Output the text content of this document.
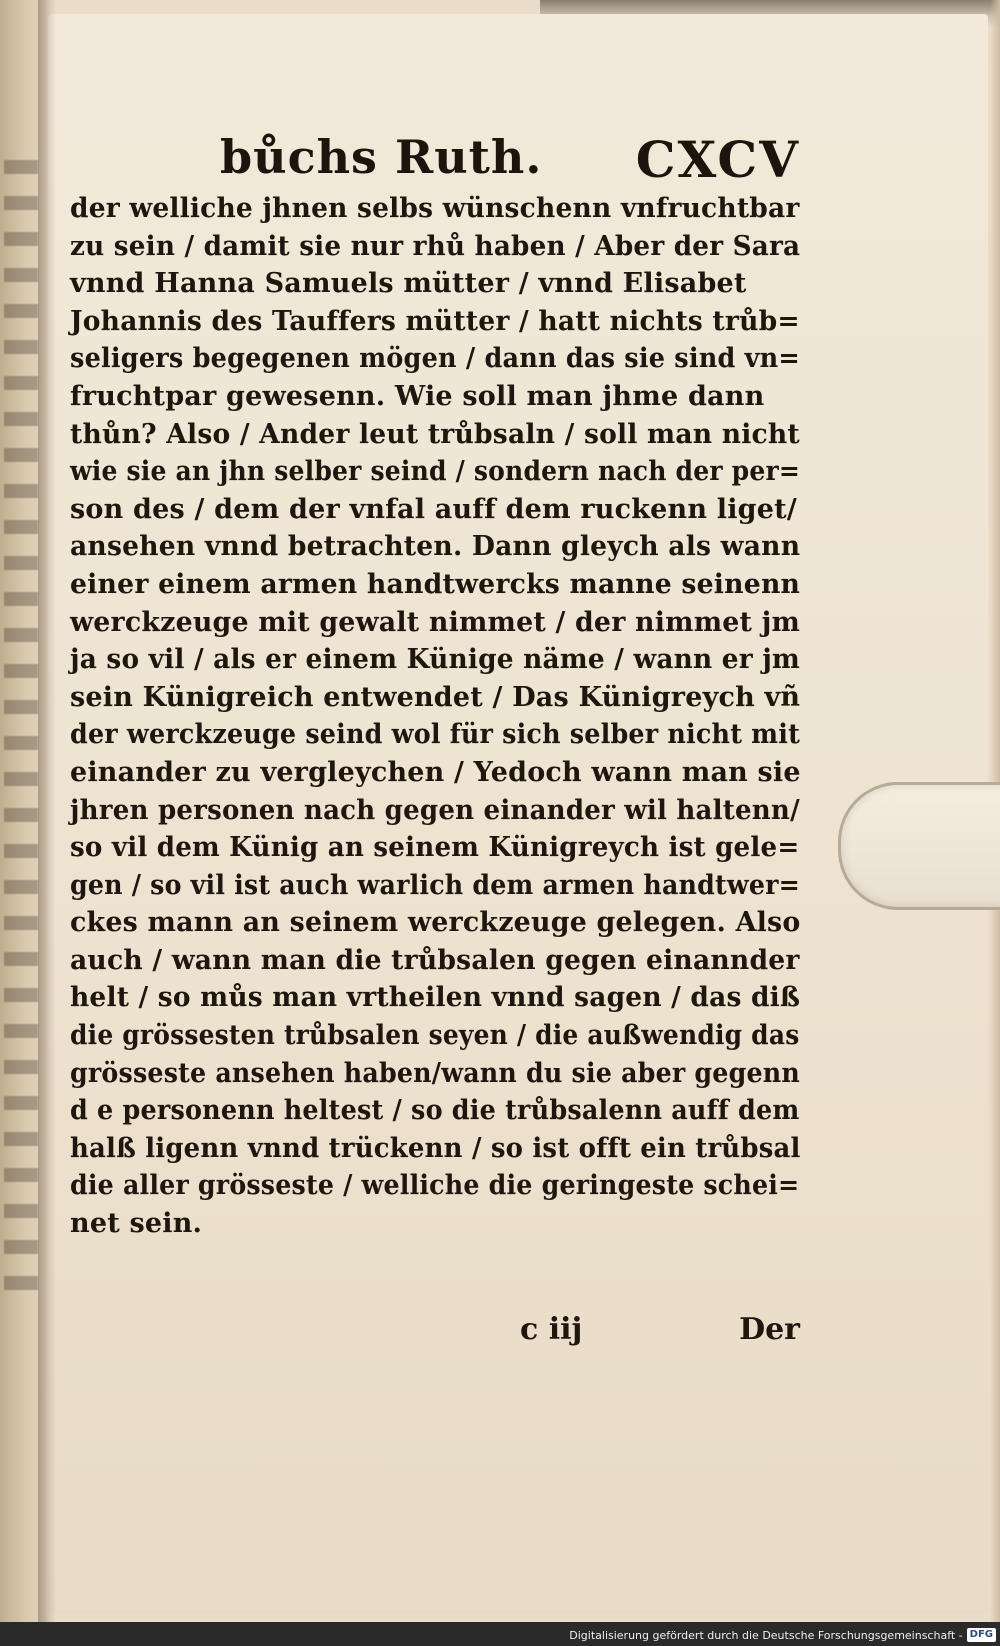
bůchs Ruth. CXCV
der welliche jhnen selbs wünschenn vnfruchtbar
zu sein / damit sie nur rhů haben / Aber der Sara
vnnd Hanna Samuels mütter / vnnd Elisabet
Johannis des Tauffers mütter / hatt nichts trůb=
seligers begegenen mögen / dann das sie sind vn=
fruchtpar gewesenn. Wie soll man jhme dann
thůn? Also / Ander leut trůbsaln / soll man nicht
wie sie an jhn selber seind / sondern nach der per=
son des / dem der vnfal auff dem ruckenn liget/
ansehen vnnd betrachten. Dann gleych als wann
einer einem armen handtwercks manne seinenn
werckzeuge mit gewalt nimmet / der nimmet jm
ja so vil / als er einem Künige näme / wann er jm
sein Künigreich entwendet / Das Künigreych vñ
der werckzeuge seind wol für sich selber nicht mit
einander zu vergleychen / Yedoch wann man sie
jhren personen nach gegen einander wil haltenn/
so vil dem Künig an seinem Künigreych ist gele=
gen / so vil ist auch warlich dem armen handtwer=
ckes mann an seinem werckzeuge gelegen. Also
auch / wann man die trůbsalen gegen einannder
helt / so můs man vrtheilen vnnd sagen / das diß
die grössesten trůbsalen seyen / die außwendig das
grösseste ansehen haben/wann du sie aber gegenn
d e personenn heltest / so die trůbsalenn auff dem
halß ligenn vnnd trückenn / so ist offt ein trůbsal
die aller grösseste / welliche die geringeste schei=
net sein.
c iij	Der
Digitalisierung gefördert durch die Deutsche Forschungsgemeinschaft - DFG
